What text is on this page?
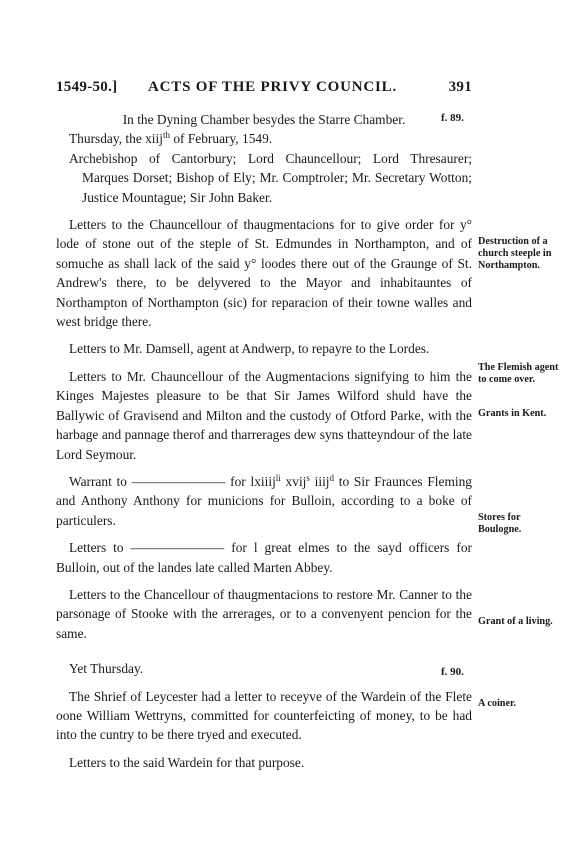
1549-50.] ACTS OF THE PRIVY COUNCIL.	391

In the Dyning Chamber besydes the Starre Chamber.

Thursday, the xiij$^{th}$ of February, 1549.

Archebishop of Cantorbury; Lord Chauncellour; Lord Thresaurer; Marques Dorset; Bishop of Ely; Mr. Comptroler; Mr. Secretary Wotton; Justice Mountague; Sir John Baker.

Letters to the Chauncellour of thaugmentacions for to give order for y° lode of stone out of the steple of St. Edmundes in Northampton, and of somuche as shall lack of the said y° loodes there out of the Graunge of St. Andrew's there, to be delyvered to the Mayor and inhabitauntes of Northampton of Northampton (sic) for reparacion of their towne walles and west bridge there.

Letters to Mr. Damsell, agent at Andwerp, to repayre to the Lordes.

Letters to Mr. Chauncellour of the Augmentacions signifying to him the Kinges Majestes pleasure to be that Sir James Wilford shuld have the Ballywic of Gravisend and Milton and the custody of Otford Parke, with the harbage and pannage therof and tharrerages dew syns thatteyndour of the late Lord Seymour.

Warrant to ——————— for lxiiij$^{li}$ xvij$^s$ iiij$^d$ to Sir Fraunces Fleming and Anthony Anthony for municions for Bulloin, according to a boke of particulers.

Letters to ——————— for l great elmes to the sayd officers for Bulloin, out of the landes late called Marten Abbey.

Letters to the Chancellour of thaugmentacions to restore Mr. Canner to the parsonage of Stooke with the arrerages, or to a convenyent pencion for the same.

Yet Thursday.

The Shrief of Leycester had a letter to receyve of the Wardein of the Flete oone William Wettryns, committed for counterfeicting of money, to be had into the cuntry to be there tryed and executed.

Letters to the said Wardein for that purpose.

f. 89.
Destruction of a church steeple in Northampton.
The Flemish agent to come over.
Grants in Kent.
Stores for Boulogne.
Grant of a living.
f. 90.
A coiner.
